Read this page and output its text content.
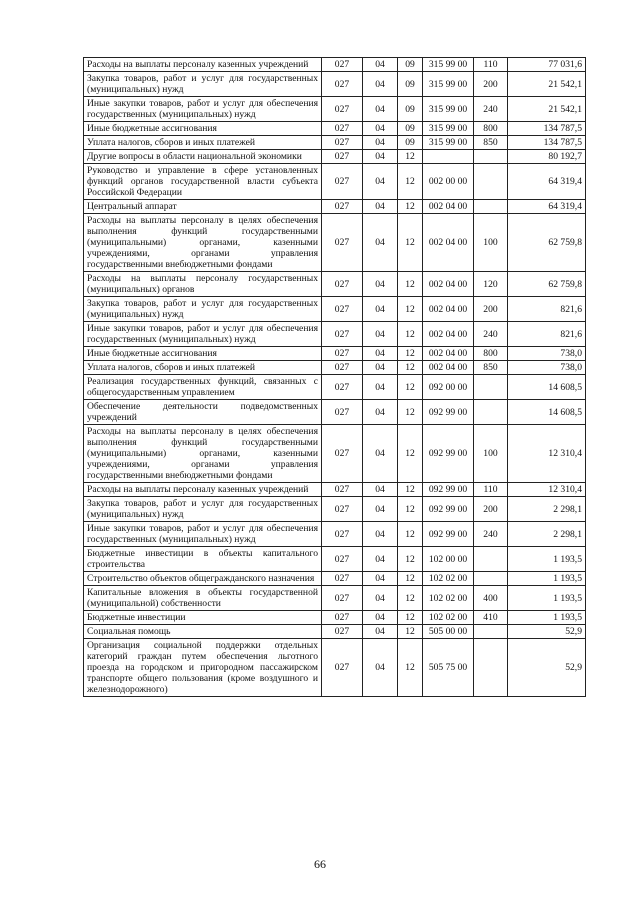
Расходы на выплаты персоналу казенных учреждений	027	04	09	315 99 00	110	77 031,6
Закупка товаров, работ и услуг для государственных (муниципальных) нужд	027	04	09	315 99 00	200	21 542,1
Иные закупки товаров, работ и услуг для обеспечения государственных (муниципальных) нужд	027	04	09	315 99 00	240	21 542,1
Иные бюджетные ассигнования	027	04	09	315 99 00	800	134 787,5
Уплата налогов, сборов и иных платежей	027	04	09	315 99 00	850	134 787,5
Другие вопросы в области национальной экономики	027	04	12			80 192,7
Руководство и управление в сфере установленных функций органов государственной власти субъекта Российской Федерации	027	04	12	002 00 00		64 319,4
Центральный аппарат	027	04	12	002 04 00		64 319,4
Расходы на выплаты персоналу в целях обеспечения выполнения функций государственными (муниципальными) органами, казенными учреждениями, органами управления государственными внебюджетными фондами	027	04	12	002 04 00	100	62 759,8
Расходы на выплаты персоналу государственных (муниципальных) органов	027	04	12	002 04 00	120	62 759,8
Закупка товаров, работ и услуг для государственных (муниципальных) нужд	027	04	12	002 04 00	200	821,6
Иные закупки товаров, работ и услуг для обеспечения государственных (муниципальных) нужд	027	04	12	002 04 00	240	821,6
Иные бюджетные ассигнования	027	04	12	002 04 00	800	738,0
Уплата налогов, сборов и иных платежей	027	04	12	002 04 00	850	738,0
Реализация государственных функций, связанных с общегосударственным управлением	027	04	12	092 00 00		14 608,5
Обеспечение деятельности подведомственных учреждений	027	04	12	092 99 00		14 608,5
Расходы на выплаты персоналу в целях обеспечения выполнения функций государственными (муниципальными) органами, казенными учреждениями, органами управления государственными внебюджетными фондами	027	04	12	092 99 00	100	12 310,4
Расходы на выплаты персоналу казенных учреждений	027	04	12	092 99 00	110	12 310,4
Закупка товаров, работ и услуг для государственных (муниципальных) нужд	027	04	12	092 99 00	200	2 298,1
Иные закупки товаров, работ и услуг для обеспечения государственных (муниципальных) нужд	027	04	12	092 99 00	240	2 298,1
Бюджетные инвестиции в объекты капитального строительства	027	04	12	102 00 00		1 193,5
Строительство объектов общегражданского назначения	027	04	12	102 02 00		1 193,5
Капитальные вложения в объекты государственной (муниципальной) собственности	027	04	12	102 02 00	400	1 193,5
Бюджетные инвестиции	027	04	12	102 02 00	410	1 193,5
Социальная помощь	027	04	12	505 00 00		52,9
Организация социальной поддержки отдельных категорий граждан путем обеспечения льготного проезда на городском и пригородном пассажирском транспорте общего пользования (кроме воздушного и железнодорожного)	027	04	12	505 75 00		52,9
66
